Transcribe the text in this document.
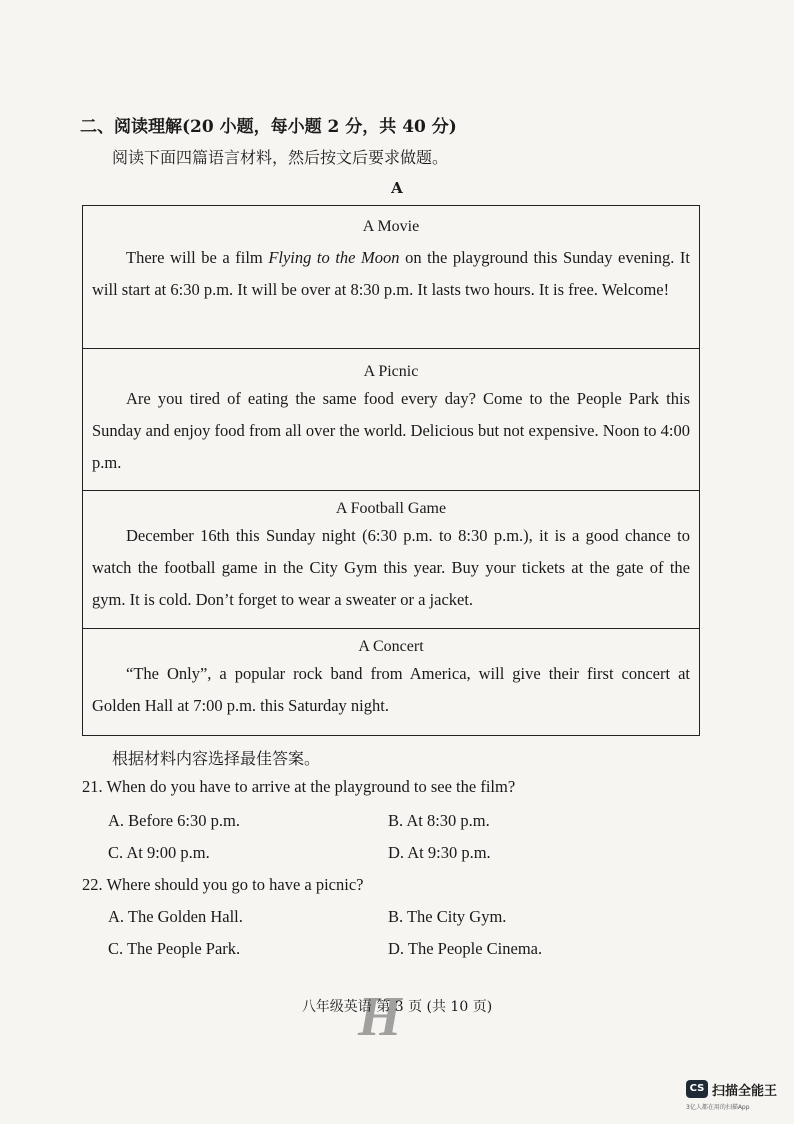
二、阅读理解(20 小题，每小题 2 分，共 40 分)
阅读下面四篇语言材料，然后按文后要求做题。
A
A Movie
There will be a film Flying to the Moon on the playground this Sunday evening. It will start at 6:30 p.m. It will be over at 8:30 p.m. It lasts two hours. It is free. Welcome!
A Picnic
Are you tired of eating the same food every day? Come to the People Park this Sunday and enjoy food from all over the world. Delicious but not expensive. Noon to 4:00 p.m.
A Football Game
December 16th this Sunday night (6:30 p.m. to 8:30 p.m.), it is a good chance to watch the football game in the City Gym this year. Buy your tickets at the gate of the gym. It is cold. Don’t forget to wear a sweater or a jacket.
A Concert
“The Only”, a popular rock band from America, will give their first concert at Golden Hall at 7:00 p.m. this Saturday night.
根据材料内容选择最佳答案。
21. When do you have to arrive at the playground to see the film?
A. Before 6:30 p.m.	B. At 8:30 p.m.
C. At 9:00 p.m.	D. At 9:30 p.m.
22. Where should you go to have a picnic?
A. The Golden Hall.	B. The City Gym.
C. The People Park.	D. The People Cinema.
H
八年级英语 第 3 页 (共 10 页)
CS 扫描全能王
3亿人都在用的扫描App
